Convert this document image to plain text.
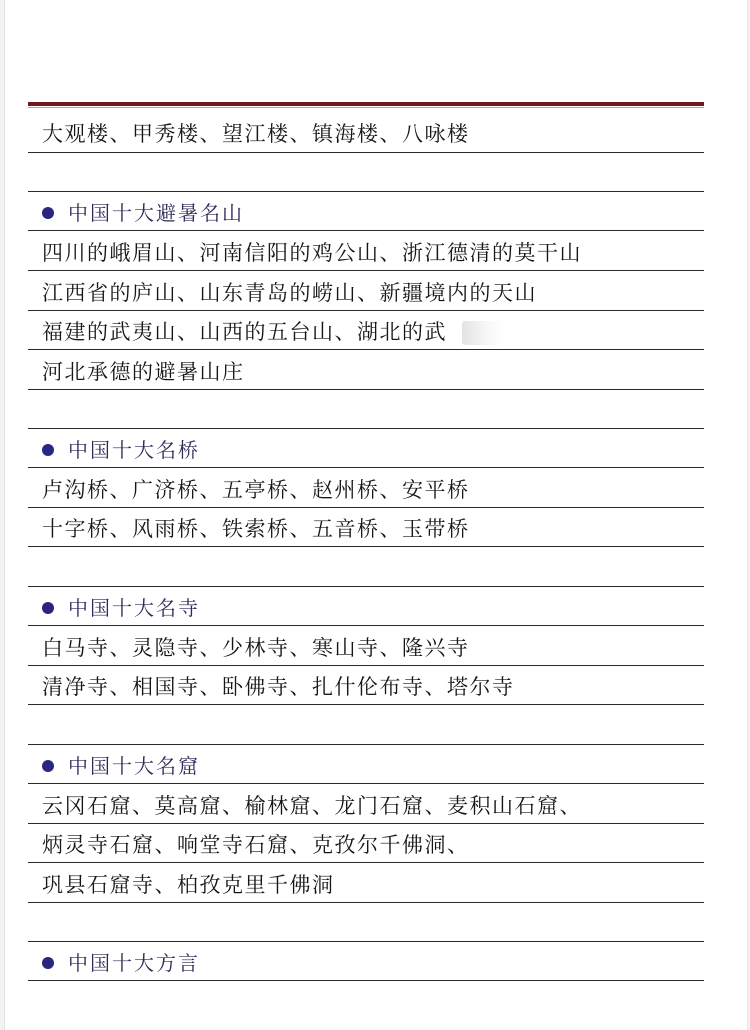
大观楼、甲秀楼、望江楼、镇海楼、八咏楼
中国十大避暑名山
四川的峨眉山、河南信阳的鸡公山、浙江德清的莫干山
江西省的庐山、山东青岛的崂山、新疆境内的天山
福建的武夷山、山西的五台山、湖北的武
河北承德的避暑山庄
中国十大名桥
卢沟桥、广济桥、五亭桥、赵州桥、安平桥
十字桥、风雨桥、铁索桥、五音桥、玉带桥
中国十大名寺
白马寺、灵隐寺、少林寺、寒山寺、隆兴寺
清净寺、相国寺、卧佛寺、扎什伦布寺、塔尔寺
中国十大名窟
云冈石窟、莫高窟、榆林窟、龙门石窟、麦积山石窟、
炳灵寺石窟、响堂寺石窟、克孜尔千佛洞、
巩县石窟寺、柏孜克里千佛洞
中国十大方言
